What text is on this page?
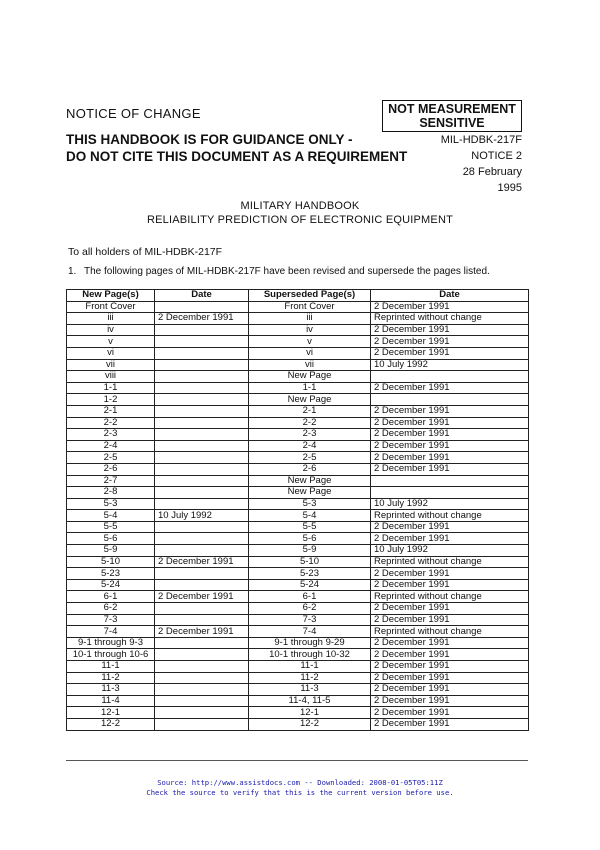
NOTICE OF CHANGE	NOT MEASUREMENT
SENSITIVE
THIS HANDBOOK IS FOR GUIDANCE ONLY -
DO NOT CITE THIS DOCUMENT AS A REQUIREMENT
MIL-HDBK-217F
NOTICE 2
28 February 1995
MILITARY HANDBOOK
RELIABILITY PREDICTION OF ELECTRONIC EQUIPMENT
To all holders of MIL-HDBK-217F
1. The following pages of MIL-HDBK-217F have been revised and supersede the pages listed.
New Page(s)	Date	Superseded Page(s)	Date
Front Cover		Front Cover	2 December 1991
iii	2 December 1991	iii	Reprinted without change
iv		iv	2 December 1991
v		v	2 December 1991
vi		vi	2 December 1991
vii		vii	10 July 1992
viii		New Page	
1-1		1-1	2 December 1991
1-2		New Page	
2-1		2-1	2 December 1991
2-2		2-2	2 December 1991
2-3		2-3	2 December 1991
2-4		2-4	2 December 1991
2-5		2-5	2 December 1991
2-6		2-6	2 December 1991
2-7		New Page	
2-8		New Page	
5-3		5-3	10 July 1992
5-4	10 July 1992	5-4	Reprinted without change
5-5		5-5	2 December 1991
5-6		5-6	2 December 1991
5-9		5-9	10 July 1992
5-10	2 December 1991	5-10	Reprinted without change
5-23		5-23	2 December 1991
5-24		5-24	2 December 1991
6-1	2 December 1991	6-1	Reprinted without change
6-2		6-2	2 December 1991
7-3		7-3	2 December 1991
7-4	2 December 1991	7-4	Reprinted without change
9-1 through 9-3		9-1 through 9-29	2 December 1991
10-1 through 10-6		10-1 through 10-32	2 December 1991
11-1		11-1	2 December 1991
11-2		11-2	2 December 1991
11-3		11-3	2 December 1991
11-4		11-4, 11-5	2 December 1991
12-1		12-1	2 December 1991
12-2		12-2	2 December 1991
Source: http://www.assistdocs.com -- Downloaded: 2008-01-05T05:11Z
Check the source to verify that this is the current version before use.
